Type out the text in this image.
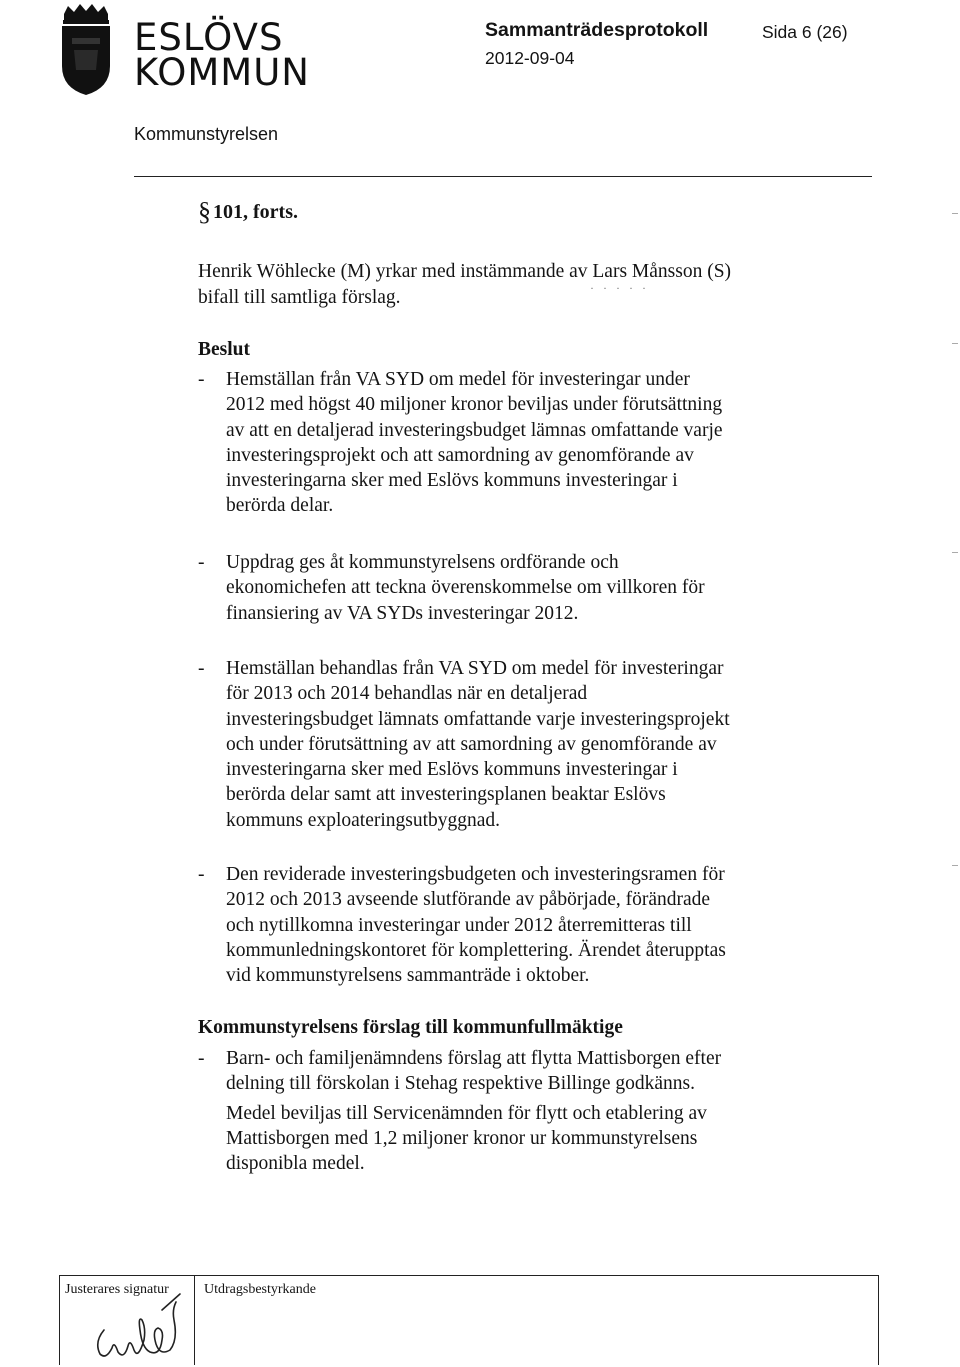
ESLÖVS
KOMMUN
Sammanträdesprotokoll	Sida 6 (26)
2012-09-04
Kommunstyrelsen
§ 101, forts.
Henrik Wöhlecke (M) yrkar med instämmande av Lars Månsson (S)
bifall till samtliga förslag.	· · · · ·
Beslut
- Hemställan från VA SYD om medel för investeringar under
2012 med högst 40 miljoner kronor beviljas under förutsättning
av att en detaljerad investeringsbudget lämnas omfattande varje
investeringsprojekt och att samordning av genomförande av
investeringarna sker med Eslövs kommuns investeringar i
berörda delar.
- Uppdrag ges åt kommunstyrelsens ordförande och
ekonomichefen att teckna överenskommelse om villkoren för
finansiering av VA SYDs investeringar 2012.
- Hemställan behandlas från VA SYD om medel för investeringar
för 2013 och 2014 behandlas när en detaljerad
investeringsbudget lämnats omfattande varje investeringsprojekt
och under förutsättning av att samordning av genomförande av
investeringarna sker med Eslövs kommuns investeringar i
berörda delar samt att investeringsplanen beaktar Eslövs
kommuns exploateringsutbyggnad.
- Den reviderade investeringsbudgeten och investeringsramen för
2012 och 2013 avseende slutförande av påbörjade, förändrade
och nytillkomna investeringar under 2012 återremitteras till
kommunledningskontoret för komplettering. Ärendet återupptas
vid kommunstyrelsens sammanträde i oktober.
Kommunstyrelsens förslag till kommunfullmäktige
- Barn- och familjenämndens förslag att flytta Mattisborgen efter
delning till förskolan i Stehag respektive Billinge godkänns.
Medel beviljas till Servicenämnden för flytt och etablering av
Mattisborgen med 1,2 miljoner kronor ur kommunstyrelsens
disponibla medel.
Justerares signatur	Utdragsbestyrkande
